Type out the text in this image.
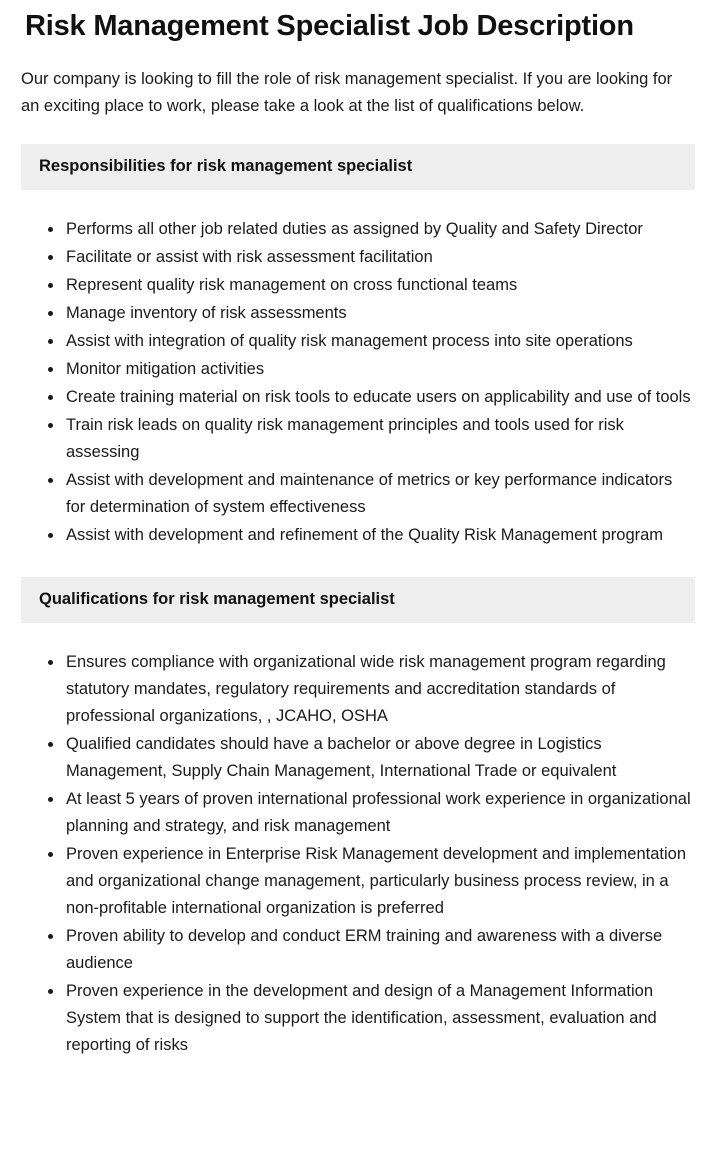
Risk Management Specialist Job Description

Our company is looking to fill the role of risk management specialist. If you are looking for an exciting place to work, please take a look at the list of qualifications below.

Responsibilities for risk management specialist
• Performs all other job related duties as assigned by Quality and Safety Director
• Facilitate or assist with risk assessment facilitation
• Represent quality risk management on cross functional teams
• Manage inventory of risk assessments
• Assist with integration of quality risk management process into site operations
• Monitor mitigation activities
• Create training material on risk tools to educate users on applicability and use of tools
• Train risk leads on quality risk management principles and tools used for risk assessing
• Assist with development and maintenance of metrics or key performance indicators for determination of system effectiveness
• Assist with development and refinement of the Quality Risk Management program
Qualifications for risk management specialist
• Ensures compliance with organizational wide risk management program regarding statutory mandates, regulatory requirements and accreditation standards of professional organizations, , JCAHO, OSHA
• Qualified candidates should have a bachelor or above degree in Logistics Management, Supply Chain Management, International Trade or equivalent
• At least 5 years of proven international professional work experience in organizational planning and strategy, and risk management
• Proven experience in Enterprise Risk Management development and implementation and organizational change management, particularly business process review, in a non-profitable international organization is preferred
• Proven ability to develop and conduct ERM training and awareness with a diverse audience
• Proven experience in the development and design of a Management Information System that is designed to support the identification, assessment, evaluation and reporting of risks
